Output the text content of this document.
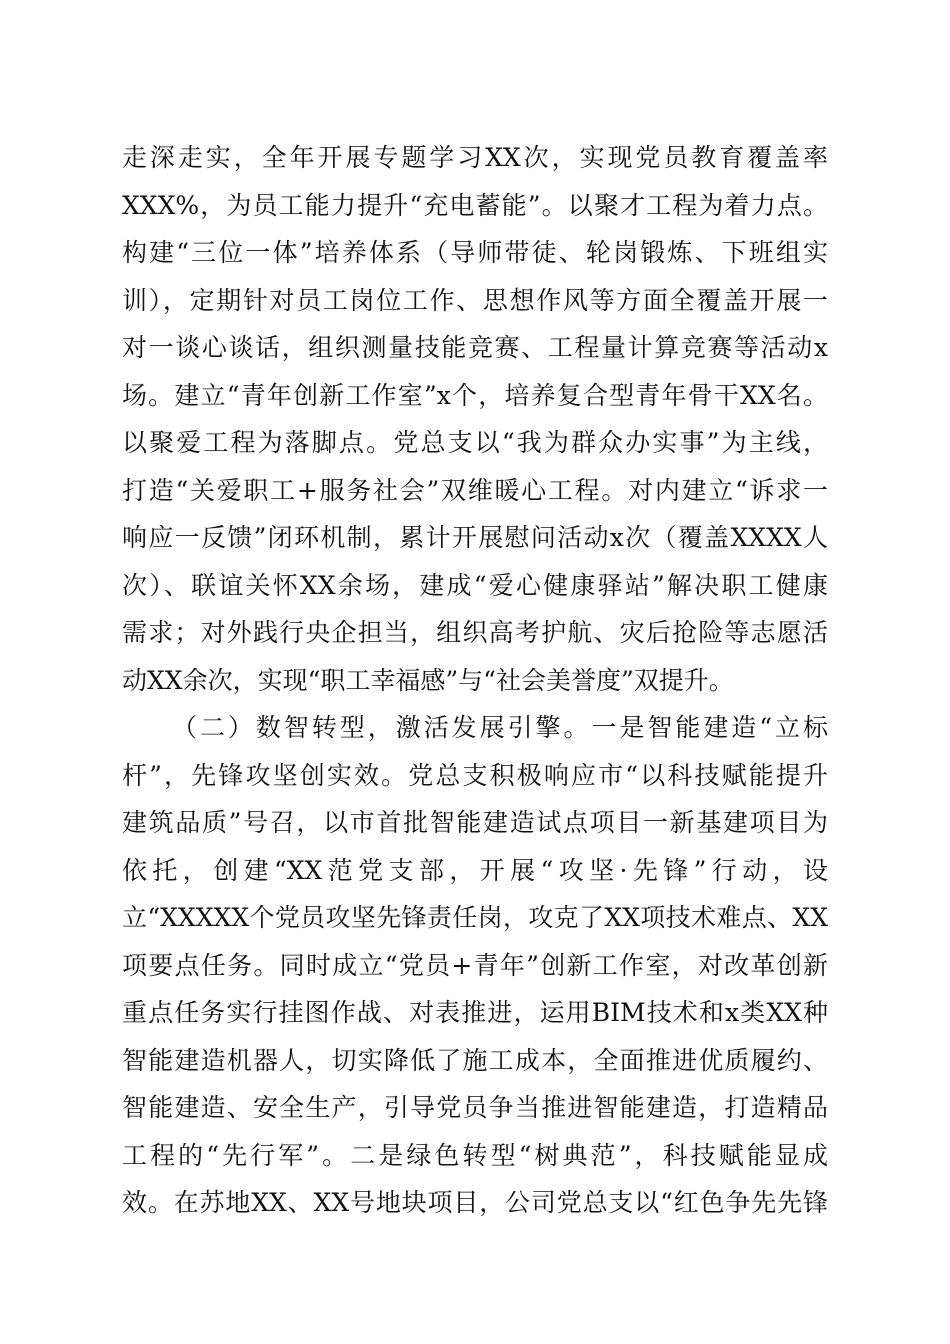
走深走实，全年开展专题学习XX次，实现党员教育覆盖率
XXX%，为员工能力提升“充电蓄能”。以聚才工程为着力点。
构建“三位一体”培养体系（导师带徒、轮岗锻炼、下班组实
训），定期针对员工岗位工作、思想作风等方面全覆盖开展一
对一谈心谈话，组织测量技能竞赛、工程量计算竞赛等活动x
场。建立“青年创新工作室”x个，培养复合型青年骨干XX名。
以聚爱工程为落脚点。党总支以“我为群众办实事”为主线，
打造“关爱职工+服务社会”双维暖心工程。对内建立“诉求一
响应一反馈”闭环机制，累计开展慰问活动x次（覆盖XXXX人
次）、联谊关怀XX余场，建成“爱心健康驿站”解决职工健康
需求；对外践行央企担当，组织高考护航、灾后抢险等志愿活
动XX余次，实现“职工幸福感”与“社会美誉度”双提升。
（二）数智转型，激活发展引擎。一是智能建造“立标
杆”，先锋攻坚创实效。党总支积极响应市“以科技赋能提升
建筑品质”号召，以市首批智能建造试点项目一新基建项目为
依托，创建“XX范党支部，开展“攻坚·先锋”行动，设
立“XXXXX个党员攻坚先锋责任岗，攻克了XX项技术难点、XX
项要点任务。同时成立“党员+青年”创新工作室，对改革创新
重点任务实行挂图作战、对表推进，运用BIM技术和x类XX种
智能建造机器人，切实降低了施工成本，全面推进优质履约、
智能建造、安全生产，引导党员争当推进智能建造，打造精品
工程的“先行军”。二是绿色转型“树典范”，科技赋能显成
效。在苏地XX、XX号地块项目，公司党总支以“红色争先先锋
